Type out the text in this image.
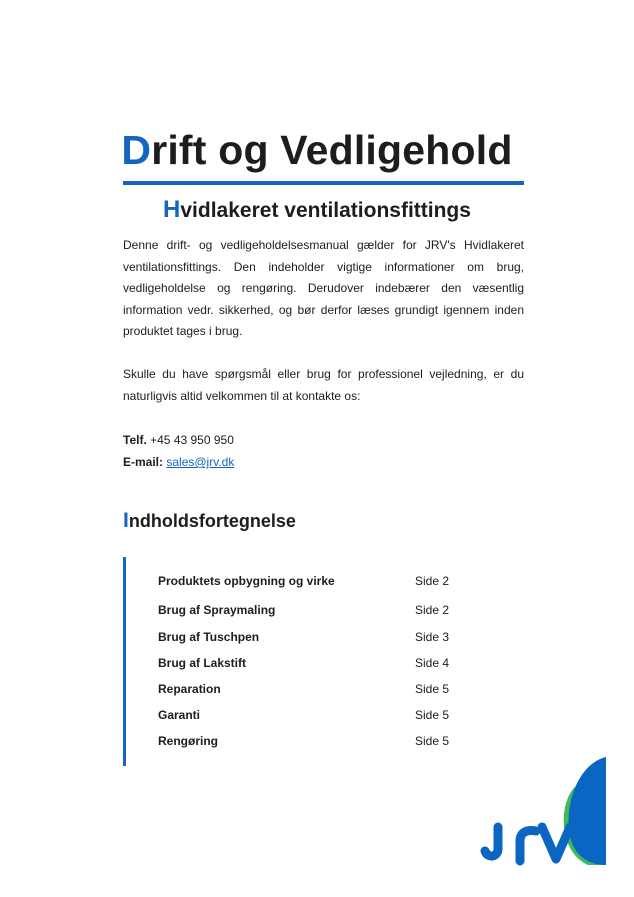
Drift og Vedligehold
Hvidlakeret ventilationsfittings

Denne drift- og vedligeholdelsesmanual gælder for JRV's Hvidlakeret ventilationsfittings. Den indeholder vigtige informationer om brug, vedligeholdelse og rengøring. Derudover indebærer den væsentlig information vedr. sikkerhed, og bør derfor læses grundigt igennem inden produktet tages i brug.

Skulle du have spørgsmål eller brug for professionel vejledning, er du naturligvis altid velkommen til at kontakte os:

Telf. +45 43 950 950
E-mail: sales@jrv.dk
Indholdsfortegnelse
Produktets opbygning og virke	Side 2
Brug af Spraymaling	Side 2
Brug af Tuschpen	Side 3
Brug af Lakstift	Side 4
Reparation	Side 5
Garanti	Side 5
Rengøring	Side 5
